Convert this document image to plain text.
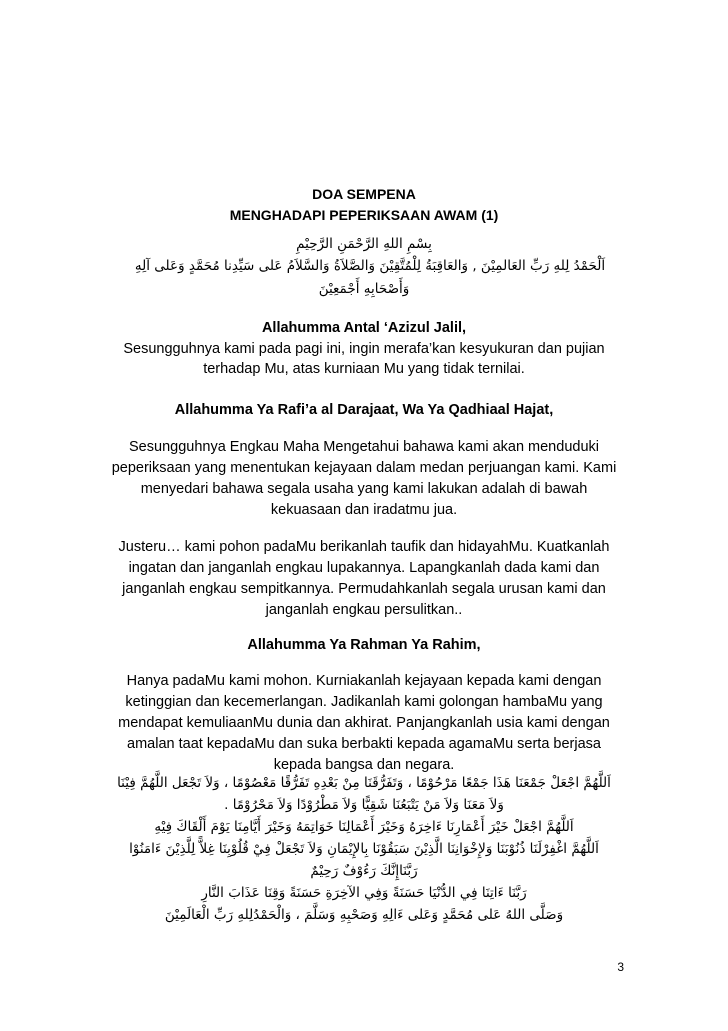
DOA SEMPENA
MENGHADAPI PEPERIKSAAN AWAM (1)
بِسْمِ اللهِ الرَّحْمَنِ الرَّحِيْمِ
اَلْحَمْدُ لِلهِ رَبِّ العَالمِيْنَ , وَالعَاقِبَةُ لِلْمُتَّقِيْنَ وَالصَّلاَةُ وَالسَّلاَمُ عَلى سَيِّدِنا مُحَمَّدٍ وَعَلى آلِهِ
وَأَصْحَابِهِ أَجْمَعِيْنَ
Allahumma Antal ‘Azizul Jalil,
Sesungguhnya kami pada pagi ini, ingin merafa’kan kesyukuran dan pujian terhadap Mu, atas kurniaan Mu yang tidak ternilai.
Allahumma Ya Rafi’a al Darajaat, Wa Ya Qadhiaal Hajat,
Sesungguhnya Engkau Maha Mengetahui bahawa kami akan menduduki peperiksaan yang menentukan kejayaan dalam medan perjuangan kami. Kami menyedari bahawa segala usaha yang kami lakukan adalah di bawah kekuasaan dan iradatmu jua.
Justeru… kami pohon padaMu berikanlah taufik dan hidayahMu. Kuatkanlah ingatan dan janganlah engkau lupakannya. Lapangkanlah dada kami dan janganlah engkau sempitkannya. Permudahkanlah segala urusan kami dan janganlah engkau persulitkan..
Allahumma Ya Rahman Ya Rahim,
Hanya padaMu kami mohon. Kurniakanlah kejayaan kepada kami dengan ketinggian dan kecemerlangan. Jadikanlah kami golongan hambaMu yang mendapat kemuliaanMu dunia dan akhirat. Panjangkanlah usia kami dengan amalan taat kepadaMu dan suka berbakti kepada agamaMu serta berjasa kepada bangsa dan negara.
اَللَّهُمَّ اجْعَلْ جَمْعَنَا هَذَا جَمْعًا مَرْحُوْمًا ، وَتَفَرُّقَنَا مِنْ بَعْدِهِ تَفَرُّقًا مَعْصُوْمًا ، وَلاَ تَجْعَل اللَّهُمَّ فِيْنَا
وَلاَ مَعَنَا وَلاَ مَنْ يَتْبَعُنَا شَقِيًّا وَلاَ مَطْرُوْدًا وَلاَ مَحْرُوْمًا .
اَللَّهُمَّ اجْعَلْ خَيْرَ أَعْمَارِنَا ءَاخِرَهُ وَخَيْرَ أَعْمَالِنَا خَوَاتِمَهُ وَخَيْرَ أَيَّامِنَا يَوْمَ أَلْقَاكَ فِيْهِ
اَللَّهُمَّ اغْفِرْلَنَا ذُنُوْبَنَا وَلإِخْوَانِنَا الَّذِيْنَ سَبَقُوْنَا بِالإِيْمَانِ وَلاَ تَجْعَلْ فِيْ قُلُوْبِنَا غِلاًّ لِلَّذِيْنَ ءَامَنُوْا
رَبَّنَاإِنَّكَ رَءُوْفٌ رَحِيْمٌ
رَبَّنَا ءَاتِنَا فِي الدُّنْيَا حَسَنَةً وَفِي الآخِرَةِ حَسَنَةً وَقِنَا عَذَابَ النَّارِ
وَصَلَّى اللهُ عَلى مُحَمَّدٍ وَعَلى ءَالِهِ وَصَحْبِهِ وَسَلَّمَ ، وَالْحَمْدُلِلهِ رَبِّ الْعَالَمِيْنَ
3
